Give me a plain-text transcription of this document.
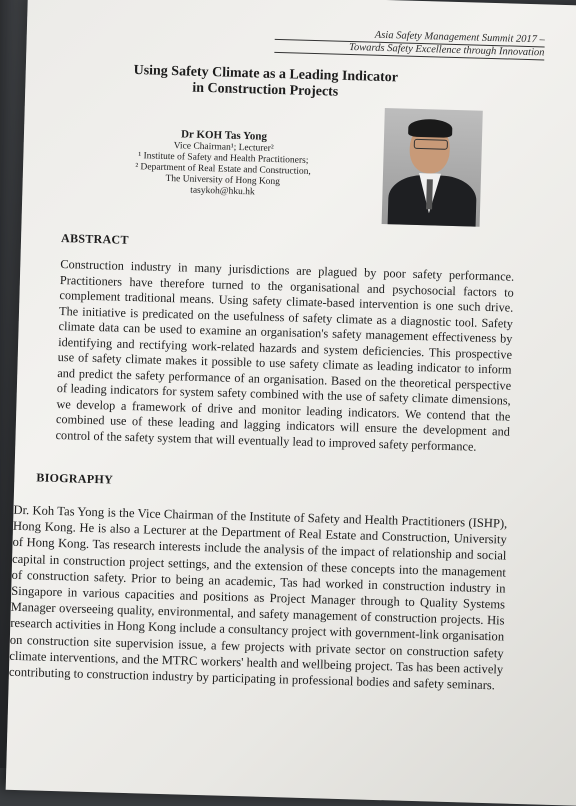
Asia Safety Management Summit 2017 –
Towards Safety Excellence through Innovation
Using Safety Climate as a Leading Indicator
in Construction Projects
Dr KOH Tas Yong
Vice Chairman¹; Lecturer²
¹ Institute of Safety and Health Practitioners;
² Department of Real Estate and Construction,
The University of Hong Kong
tasykoh@hku.hk
ABSTRACT
Construction industry in many jurisdictions are plagued by poor safety performance. Practitioners have therefore turned to the organisational and psychosocial factors to complement traditional means. Using safety climate-based intervention is one such drive. The initiative is predicated on the usefulness of safety climate as a diagnostic tool. Safety climate data can be used to examine an organisation's safety management effectiveness by identifying and rectifying work-related hazards and system deficiencies. This prospective use of safety climate makes it possible to use safety climate as leading indicator to inform and predict the safety performance of an organisation. Based on the theoretical perspective of leading indicators for system safety combined with the use of safety climate dimensions, we develop a framework of drive and monitor leading indicators. We contend that the combined use of these leading and lagging indicators will ensure the development and control of the safety system that will eventually lead to improved safety performance.
BIOGRAPHY
Dr. Koh Tas Yong is the Vice Chairman of the Institute of Safety and Health Practitioners (ISHP), Hong Kong. He is also a Lecturer at the Department of Real Estate and Construction, University of Hong Kong. Tas research interests include the analysis of the impact of relationship and social capital in construction project settings, and the extension of these concepts into the management of construction safety. Prior to being an academic, Tas had worked in construction industry in Singapore in various capacities and positions as Project Manager through to Quality Systems Manager overseeing quality, environmental, and safety management of construction projects. His research activities in Hong Kong include a consultancy project with government-link organisation on construction site supervision issue, a few projects with private sector on construction safety climate interventions, and the MTRC workers' health and wellbeing project. Tas has been actively contributing to construction industry by participating in professional bodies and safety seminars.
